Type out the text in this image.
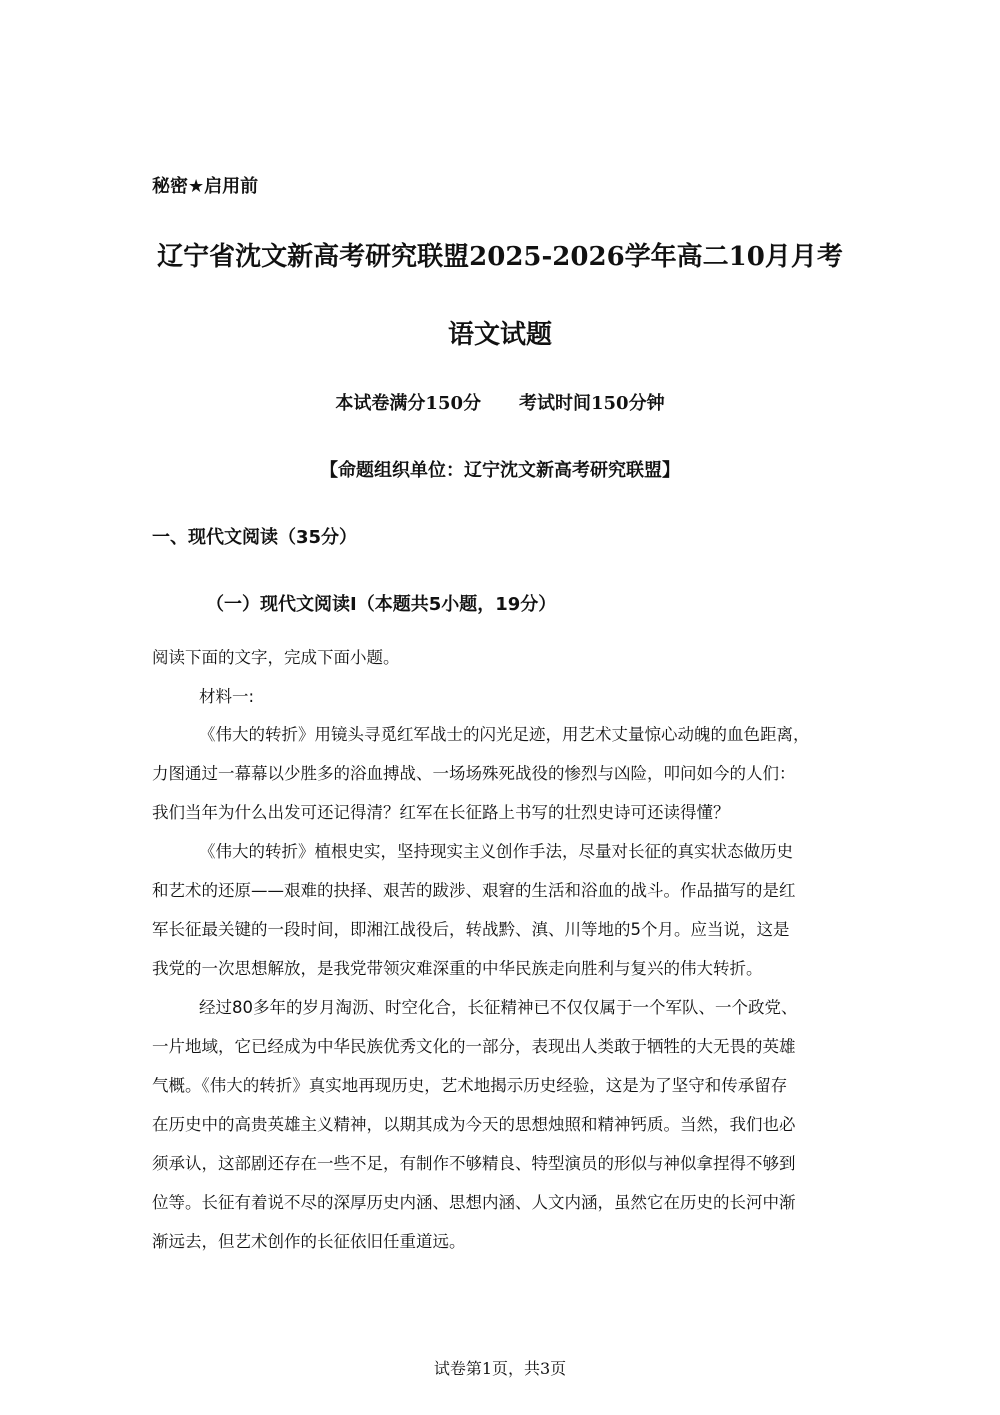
秘密★启用前
辽宁省沈文新高考研究联盟2025-2026学年高二10月月考
语文试题
本试卷满分150分 考试时间150分钟
【命题组织单位：辽宁沈文新高考研究联盟】
一、现代文阅读（35分）
（一）现代文阅读I（本题共5小题，19分）
阅读下面的文字，完成下面小题。
材料一:
《伟大的转折》用镜头寻觅红军战士的闪光足迹，用艺术丈量惊心动魄的血色距离，
力图通过一幕幕以少胜多的浴血搏战、一场场殊死战役的惨烈与凶险，叩问如今的人们：
我们当年为什么出发可还记得清？红军在长征路上书写的壮烈史诗可还读得懂？
《伟大的转折》植根史实，坚持现实主义创作手法，尽量对长征的真实状态做历史
和艺术的还原——艰难的抉择、艰苦的跋涉、艰窘的生活和浴血的战斗。作品描写的是红
军长征最关键的一段时间，即湘江战役后，转战黔、滇、川等地的5个月。应当说，这是
我党的一次思想解放，是我党带领灾难深重的中华民族走向胜利与复兴的伟大转折。
经过80多年的岁月淘沥、时空化合，长征精神已不仅仅属于一个军队、一个政党、
一片地域，它已经成为中华民族优秀文化的一部分，表现出人类敢于牺牲的大无畏的英雄
气概。《伟大的转折》真实地再现历史，艺术地揭示历史经验，这是为了坚守和传承留存
在历史中的高贵英雄主义精神，以期其成为今天的思想烛照和精神钙质。当然，我们也必
须承认，这部剧还存在一些不足，有制作不够精良、特型演员的形似与神似拿捏得不够到
位等。长征有着说不尽的深厚历史内涵、思想内涵、人文内涵，虽然它在历史的长河中渐
渐远去，但艺术创作的长征依旧任重道远。
试卷第1页，共3页
